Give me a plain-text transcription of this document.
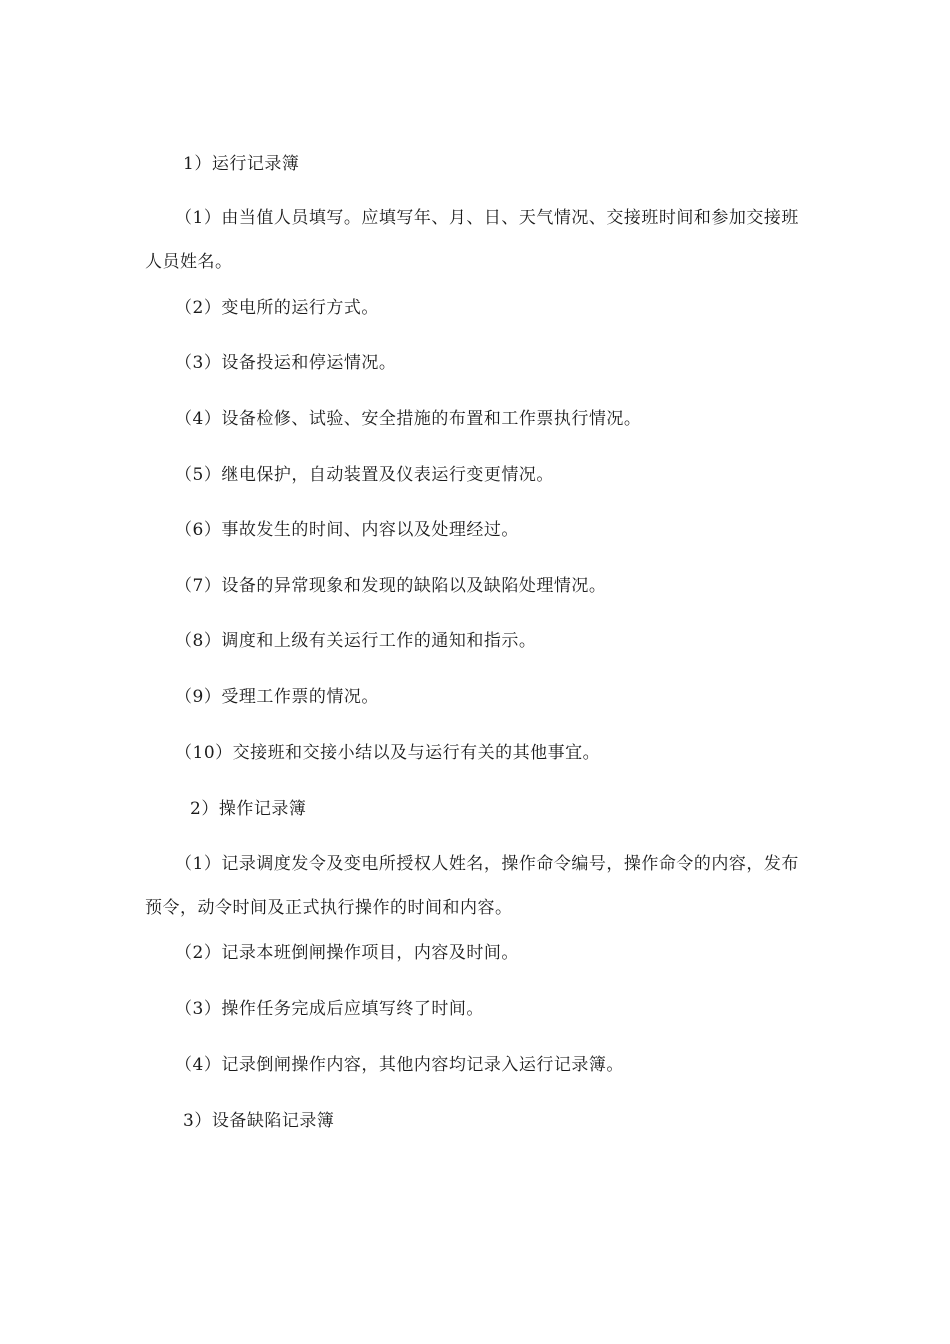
1）运行记录簿
（1）由当值人员填写。应填写年、月、日、天气情况、交接班时间和参加交接班人员姓名。
（2）变电所的运行方式。
（3）设备投运和停运情况。
（4）设备检修、试验、安全措施的布置和工作票执行情况。
（5）继电保护，自动装置及仪表运行变更情况。
（6）事故发生的时间、内容以及处理经过。
（7）设备的异常现象和发现的缺陷以及缺陷处理情况。
（8）调度和上级有关运行工作的通知和指示。
（9）受理工作票的情况。
（10）交接班和交接小结以及与运行有关的其他事宜。
2）操作记录簿
（1）记录调度发令及变电所授权人姓名，操作命令编号，操作命令的内容，发布预令，动令时间及正式执行操作的时间和内容。
（2）记录本班倒闸操作项目，内容及时间。
（3）操作任务完成后应填写终了时间。
（4）记录倒闸操作内容，其他内容均记录入运行记录簿。
3）设备缺陷记录簿
